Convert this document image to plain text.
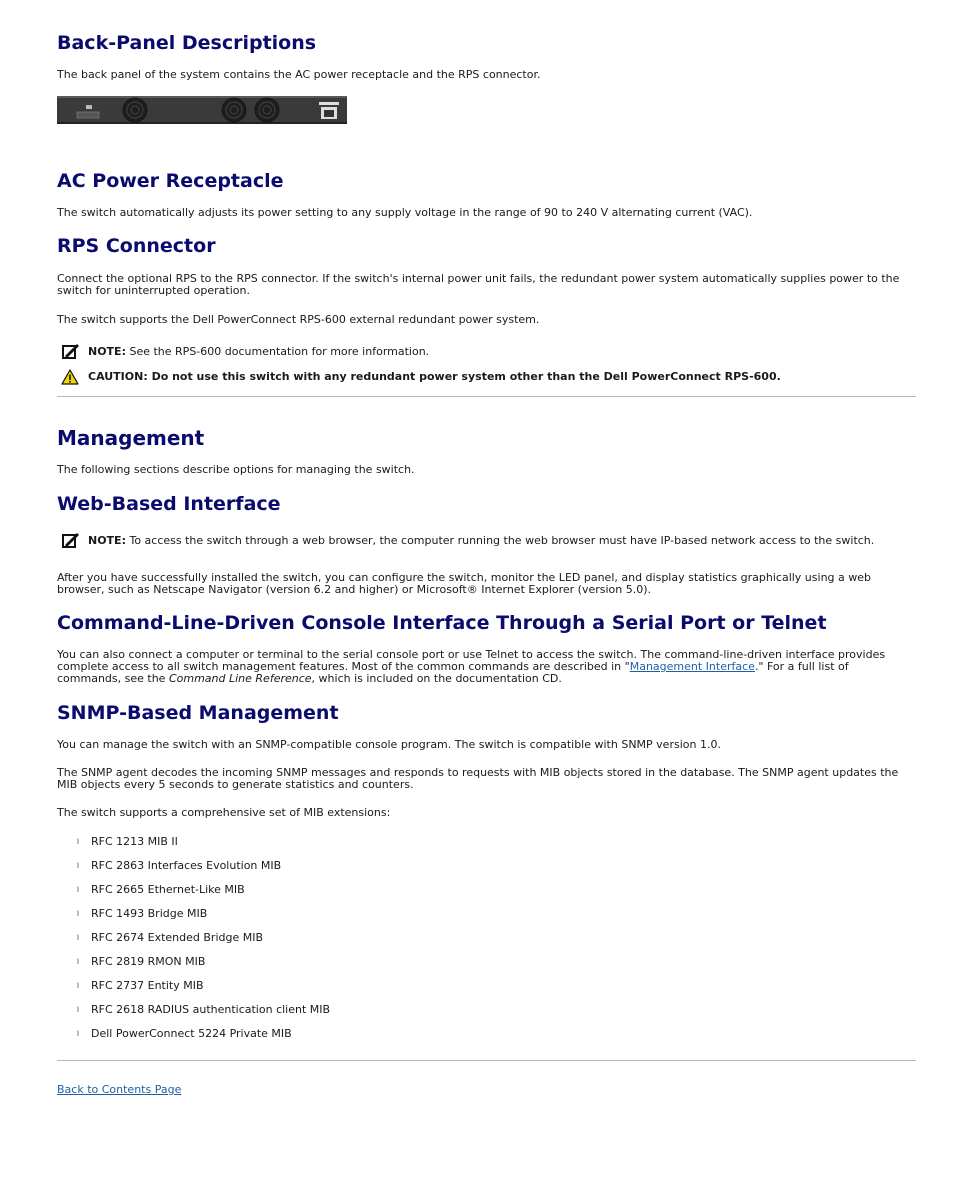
Back-Panel Descriptions

The back panel of the system contains the AC power receptacle and the RPS connector.

AC Power Receptacle

The switch automatically adjusts its power setting to any supply voltage in the range of 90 to 240 V alternating current (VAC).

RPS Connector

Connect the optional RPS to the RPS connector. If the switch's internal power unit fails, the redundant power system automatically supplies power to the switch for uninterrupted operation.

The switch supports the Dell PowerConnect RPS-600 external redundant power system.

NOTE: See the RPS-600 documentation for more information.
CAUTION: Do not use this switch with any redundant power system other than the Dell PowerConnect RPS-600.
Management

The following sections describe options for managing the switch.

Web-Based Interface
NOTE: To access the switch through a web browser, the computer running the web browser must have IP-based network access to the switch.

After you have successfully installed the switch, you can configure the switch, monitor the LED panel, and display statistics graphically using a web browser, such as Netscape Navigator (version 6.2 and higher) or Microsoft® Internet Explorer (version 5.0).

Command-Line-Driven Console Interface Through a Serial Port or Telnet

You can also connect a computer or terminal to the serial console port or use Telnet to access the switch. The command-line-driven interface provides complete access to all switch management features. Most of the common commands are described in "Management Interface." For a full list of commands, see the Command Line Reference, which is included on the documentation CD.

SNMP-Based Management

You can manage the switch with an SNMP-compatible console program. The switch is compatible with SNMP version 1.0.

The SNMP agent decodes the incoming SNMP messages and responds to requests with MIB objects stored in the database. The SNMP agent updates the MIB objects every 5 seconds to generate statistics and counters.

The switch supports a comprehensive set of MIB extensions:

l RFC 1213 MIB II
l RFC 2863 Interfaces Evolution MIB
l RFC 2665 Ethernet-Like MIB
l RFC 1493 Bridge MIB
l RFC 2674 Extended Bridge MIB
l RFC 2819 RMON MIB
l RFC 2737 Entity MIB
l RFC 2618 RADIUS authentication client MIB
l Dell PowerConnect 5224 Private MIB

Back to Contents Page
